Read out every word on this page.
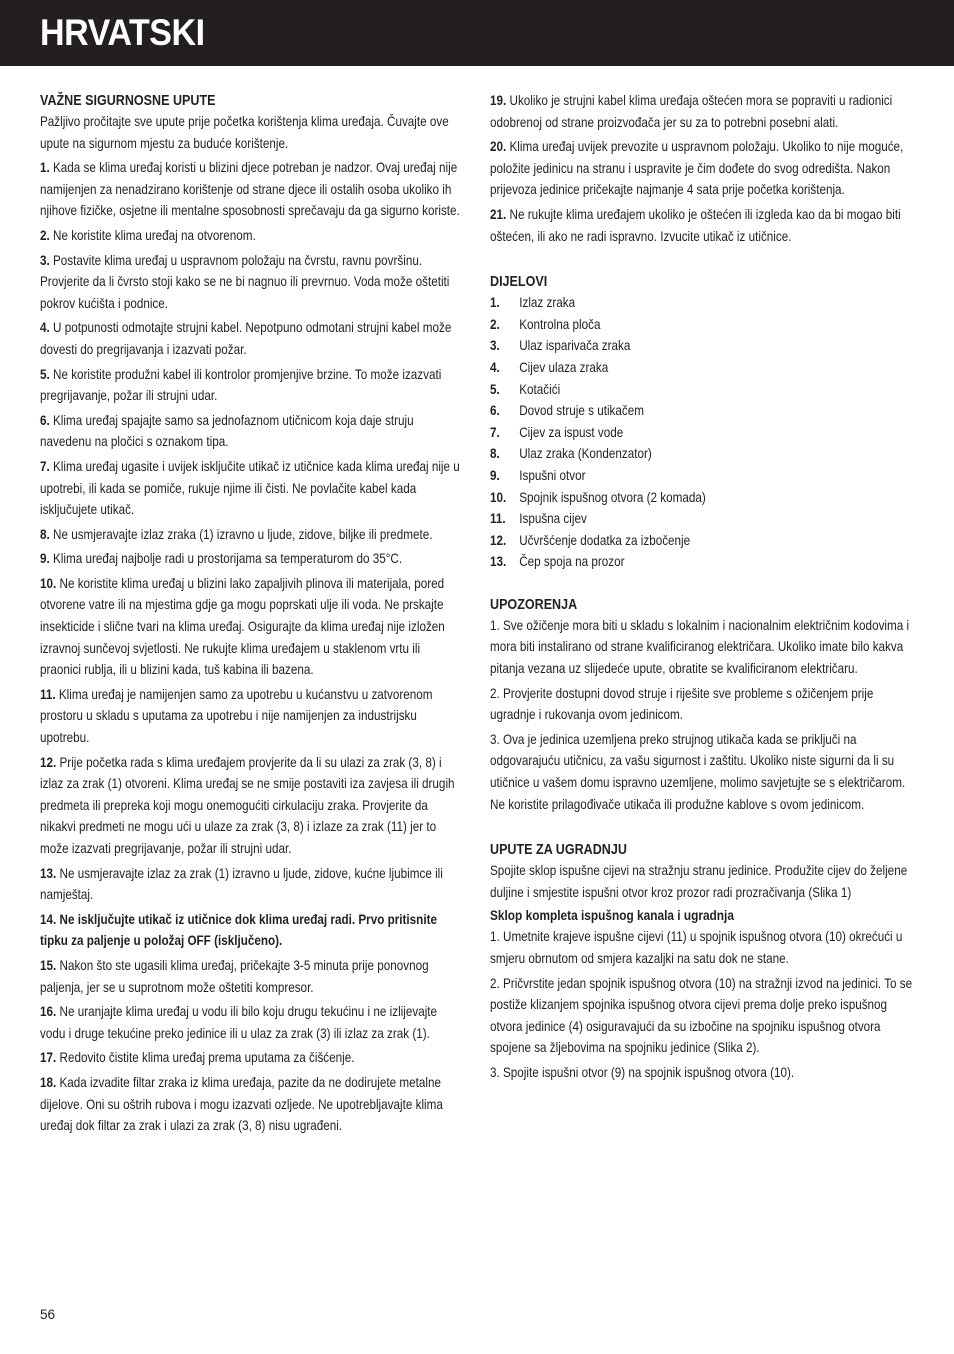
HRVATSKI
VAŽNE SIGURNOSNE UPUTE

Pažljivo pročitajte sve upute prije početka korištenja klima uređaja. Čuvajte ove upute na sigurnom mjestu za buduće korištenje.

1. Kada se klima uređaj koristi u blizini djece potreban je nadzor. Ovaj uređaj nije namijenjen za nenadzirano korištenje od strane djece ili ostalih osoba ukoliko ih njihove fizičke, osjetne ili mentalne sposobnosti sprečavaju da ga sigurno koriste.

2. Ne koristite klima uređaj na otvorenom.

3. Postavite klima uređaj u uspravnom položaju na čvrstu, ravnu površinu. Provjerite da li čvrsto stoji kako se ne bi nagnuo ili prevrnuo. Voda može oštetiti pokrov kućišta i podnice.

4. U potpunosti odmotajte strujni kabel. Nepotpuno odmotani strujni kabel može dovesti do pregrijavanja i izazvati požar.

5. Ne koristite produžni kabel ili kontrolor promjenjive brzine. To može izazvati pregrijavanje, požar ili strujni udar.

6. Klima uređaj spajajte samo sa jednofaznom utičnicom koja daje struju navedenu na pločici s oznakom tipa.

7. Klima uređaj ugasite i uvijek isključite utikač iz utičnice kada klima uređaj nije u upotrebi, ili kada se pomiče, rukuje njime ili čisti. Ne povlačite kabel kada isključujete utikač.

8. Ne usmjeravajte izlaz zraka (1) izravno u ljude, zidove, biljke ili predmete.

9. Klima uređaj najbolje radi u prostorijama sa temperaturom do 35°C.

10. Ne koristite klima uređaj u blizini lako zapaljivih plinova ili materijala, pored otvorene vatre ili na mjestima gdje ga mogu poprskati ulje ili voda. Ne prskajte insekticide i slične tvari na klima uređaj. Osigurajte da klima uređaj nije izložen izravnoj sunčevoj svjetlosti. Ne rukujte klima uređajem u staklenom vrtu ili praonici rublja, ili u blizini kada, tuš kabina ili bazena.

11. Klima uređaj je namijenjen samo za upotrebu u kućanstvu u zatvorenom prostoru u skladu s uputama za upotrebu i nije namijenjen za industrijsku upotrebu.

12. Prije početka rada s klima uređajem provjerite da li su ulazi za zrak (3, 8) i izlaz za zrak (1) otvoreni. Klima uređaj se ne smije postaviti iza zavjesa ili drugih predmeta ili prepreka koji mogu onemogućiti cirkulaciju zraka. Provjerite da nikakvi predmeti ne mogu ući u ulaze za zrak (3, 8) i izlaze za zrak (11) jer to može izazvati pregrijavanje, požar ili strujni udar.

13. Ne usmjeravajte izlaz za zrak (1) izravno u ljude, zidove, kućne ljubimce ili namještaj.

14. Ne isključujte utikač iz utičnice dok klima uređaj radi. Prvo pritisnite tipku za paljenje u položaj OFF (isključeno).

15. Nakon što ste ugasili klima uređaj, pričekajte 3-5 minuta prije ponovnog paljenja, jer se u suprotnom može oštetiti kompresor.

16. Ne uranjajte klima uređaj u vodu ili bilo koju drugu tekućinu i ne izlijevajte vodu i druge tekućine preko jedinice ili u ulaz za zrak (3) ili izlaz za zrak (1).

17. Redovito čistite klima uređaj prema uputama za čišćenje.

18. Kada izvadite filtar zraka iz klima uređaja, pazite da ne dodirujete metalne dijelove. Oni su oštrih rubova i mogu izazvati ozljede. Ne upotrebljavajte klima uređaj dok filtar za zrak i ulazi za zrak (3, 8) nisu ugrađeni.

19. Ukoliko je strujni kabel klima uređaja oštećen mora se popraviti u radionici odobrenoj od strane proizvođača jer su za to potrebni posebni alati.

20. Klima uređaj uvijek prevozite u uspravnom položaju. Ukoliko to nije moguće, položite jedinicu na stranu i uspravite je čim dođete do svog odredišta. Nakon prijevoza jedinice pričekajte najmanje 4 sata prije početka korištenja.

21. Ne rukujte klima uređajem ukoliko je oštećen ili izgleda kao da bi mogao biti oštećen, ili ako ne radi ispravno. Izvucite utikač iz utičnice.

DIJELOVI
1.	Izlaz zraka
2.	Kontrolna ploča
3.	Ulaz isparivača zraka
4.	Cijev ulaza zraka
5.	Kotačići
6.	Dovod struje s utikačem
7.	Cijev za ispust vode
8.	Ulaz zraka (Kondenzator)
9.	Ispušni otvor
10. Spojnik ispušnog otvora (2 komada)
11.	Ispušna cijev
12. Učvršćenje dodatka za izbočenje
13. Čep spoja na prozor
UPOZORENJA

1. Sve ožičenje mora biti u skladu s lokalnim i nacionalnim električnim kodovima i mora biti instalirano od strane kvalificiranog električara. Ukoliko imate bilo kakva pitanja vezana uz slijedeće upute, obratite se kvalificiranom električaru.

2. Provjerite dostupni dovod struje i riješite sve probleme s ožičenjem prije ugradnje i rukovanja ovom jedinicom.

3. Ova je jedinica uzemljena preko strujnog utikača kada se priključi na odgovarajuću utičnicu, za vašu sigurnost i zaštitu. Ukoliko niste sigurni da li su utičnice u vašem domu ispravno uzemljene, molimo savjetujte se s električarom. Ne koristite prilagođivače utikača ili produžne kablove s ovom jedinicom.

UPUTE ZA UGRADNJU

Spojite sklop ispušne cijevi na stražnju stranu jedinice. Produžite cijev do željene duljine i smjestite ispušni otvor kroz prozor radi prozračivanja (Slika 1)

Sklop kompleta ispušnog kanala i ugradnja

1. Umetnite krajeve ispušne cijevi (11) u spojnik ispušnog otvora (10) okrećući u smjeru obrnutom od smjera kazaljki na satu dok ne stane.

2. Pričvrstite jedan spojnik ispušnog otvora (10) na stražnji izvod na jedinici. To se postiže klizanjem spojnika ispušnog otvora cijevi prema dolje preko ispušnog otvora jedinice (4) osiguravajući da su izbočine na spojniku ispušnog otvora spojene sa žljebovima na spojniku jedinice (Slika 2).

3. Spojite ispušni otvor (9) na spojnik ispušnog otvora (10).

56
